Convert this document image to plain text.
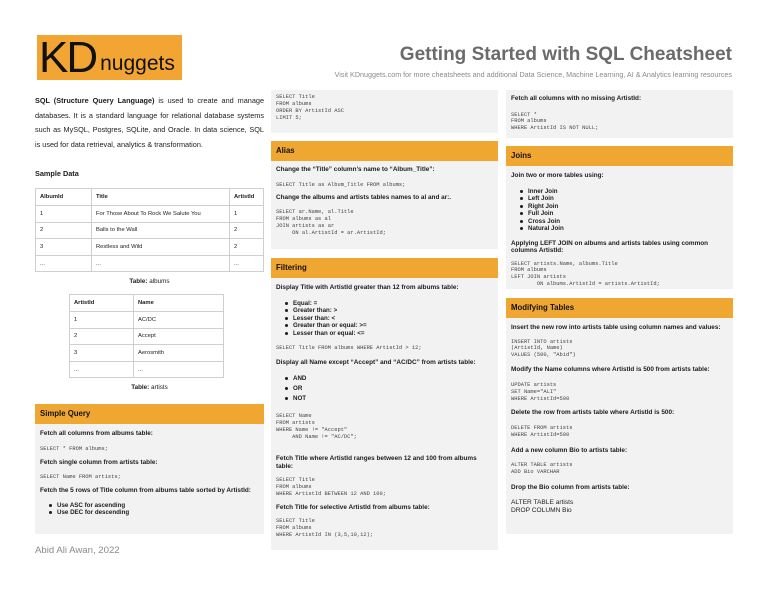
KD nuggets	Getting Started with SQL Cheatsheet
Visit KDnuggets.com for more cheatsheets and additional Data Science, Machine Learning, AI & Analytics learning resources

SQL (Structure Query Language) is used to create and manage databases. It is a standard language for relational database systems such as MySQL, Postgres, SQLite, and Oracle. In data science, SQL is used for data retrieval, analytics & transformation.

Sample Data
AlbumId	Title	ArtistId
1	For Those About To Rock We Salute You	1
2	Balls to the Wall	2
3	Restless and Wild	2
...	...	...
Table: albums
ArtistId	Name
1	AC/DC
2	Accept
3	Aerosmith
...	...
Table: artists
Simple Query
Fetch all columns from albums table:
SELECT * FROM albums;
Fetch single column from artists table:
SELECT Name FROM artists;
Fetch the 5 rows of Title column from albums table sorted by ArtistId:
Use ASC for ascending
Use DEC for descending
SELECT Title
FROM albums
ORDER BY ArtistId ASC
LIMIT 5;
Alias
Change the “Title” column’s name to “Album_Title”:
SELECT Title as Album_Title FROM albums;
Change the albums and artists tables names to al and ar:.
SELECT ar.Name, al.Title
FROM albums as al
JOIN artists as ar
ON al.ArtistId = ar.ArtistId;
Filtering
Display Title with ArtistId greater than 12 from albums table:
Equal: =
Greater than: >
Lesser than: <
Greater than or equal: >=
Lesser than or equal: <=
SELECT Title FROM albums WHERE ArtistId > 12;
Display all Name except “Accept” and “AC/DC” from artists table:
AND
OR
NOT
SELECT Name
FROM artists
WHERE Name != "Accept"
AND Name != "AC/DC";
Fetch Title where ArtistId ranges between 12 and 100 from albums table:
SELECT Title
FROM albums
WHERE ArtistId BETWEEN 12 AND 100;
Fetch Title for selective ArtistId from albums table:
SELECT Title
FROM albums
WHERE ArtistId IN (3,5,10,12);
Fetch all columns with no missing ArtistId:
SELECT *
FROM albums
WHERE ArtistId IS NOT NULL;
Joins
Join two or more tables using:
Inner Join
Left Join
Right Join
Full Join
Cross Join
Natural Join
Applying LEFT JOIN on albums and artists tables using common columns ArtistId:
SELECT artists.Name, albums.Title
FROM albums
LEFT JOIN artists
ON albums.ArtistId = artists.ArtistId;
Modifying Tables
Insert the new row into artists table using column names and values:
INSERT INTO artists
(ArtistId, Name)
VALUES (500, "Abid")
Modify the Name columns where ArtistId is 500 from artists table:
UPDATE artists
SET Name="ALI"
WHERE ArtistId=500
Delete the row from artists table where ArtistId is 500:
DELETE FROM artists
WHERE ArtistId=500
Add a new column Bio to artists table:
ALTER TABLE artists
ADD Bio VARCHAR
Drop the Bio column from artists table:
ALTER TABLE artists
DROP COLUMN Bio
Abid Ali Awan, 2022
